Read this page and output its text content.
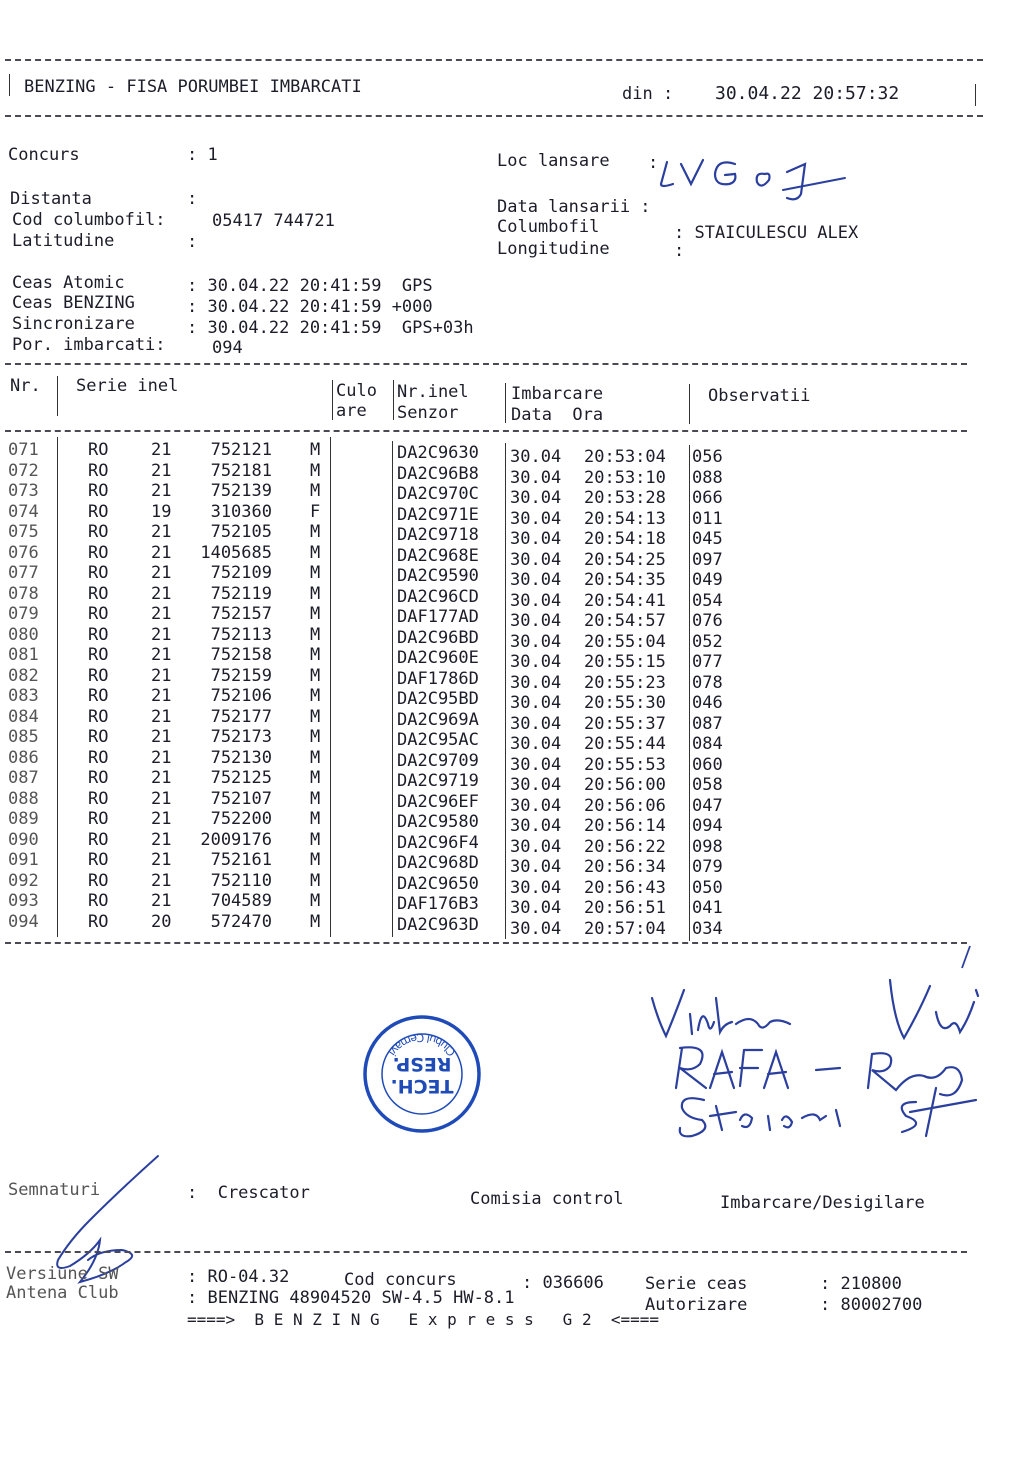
BENZING - FISA PORUMBEI IMBARCATI	din : 30.04.22 20:57:32
Concurs	: 1
Distanta	:
Cod columbofil:	05417 744721
Latitudine	:
Loc lansare :
Data lansarii :
Columbofil	: STAICULESCU ALEX
Longitudine	:
Ceas Atomic	: 30.04.22 20:41:59  GPS
Ceas BENZING	: 30.04.22 20:41:59 +000
Sincronizare	: 30.04.22 20:41:59  GPS+03h
Por. imbarcati:	094
Nr. Serie inel	Culo
are
Nr.inel
Senzor
Imbarcare
Data  Ora
Observatii
071	RO	21	752121 M	DA2C9630 30.04 20:53:04 056
072	RO	21	752181 M	DA2C96B8 30.04 20:53:10 088
073	RO	21	752139 M	DA2C970C 30.04 20:53:28 066
074	RO	19	310360 F	DA2C971E 30.04 20:54:13 011
075	RO	21	752105 M	DA2C9718 30.04 20:54:18 045
076	RO	21	1405685 M	DA2C968E 30.04 20:54:25 097
077	RO	21	752109 M	DA2C9590 30.04 20:54:35 049
078	RO	21	752119 M	DA2C96CD 30.04 20:54:41 054
079	RO	21	752157 M	DAF177AD 30.04 20:54:57 076
080	RO	21	752113 M	DA2C96BD 30.04 20:55:04 052
081	RO	21	752158 M	DA2C960E 30.04 20:55:15 077
082	RO	21	752159 M	DAF1786D 30.04 20:55:23 078
083	RO	21	752106 M	DA2C95BD 30.04 20:55:30 046
084	RO	21	752177 M	DA2C969A 30.04 20:55:37 087
085	RO	21	752173 M	DA2C95AC 30.04 20:55:44 084
086	RO	21	752130 M	DA2C9709 30.04 20:55:53 060
087	RO	21	752125 M	DA2C9719 30.04 20:56:00 058
088	RO	21	752107 M	DA2C96EF 30.04 20:56:06 047
089	RO	21	752200 M	DA2C9580 30.04 20:56:14 094
090	RO	21	2009176 M	DA2C96F4 30.04 20:56:22 098
091	RO	21	752161 M	DA2C968D 30.04 20:56:34 079
092	RO	21	752110 M	DA2C9650 30.04 20:56:43 050
093	RO	21	704589 M	DAF176B3 30.04 20:56:51 041
094	RO	20	572470 M	DA2C963D 30.04 20:57:04 034
RESP.
TECH.
Clubul Cernavi
Semnaturi	:  Crescator	Comisia control	Imbarcare/Desigilare
Versiune SW	: RO-04.32	Cod concurs	: 036606 Serie ceas	: 210800
Antena Club	: BENZING 48904520 SW-4.5 HW-8.1	Autorizare	: 80002700
====>  B E N Z I N G   E x p r e s s   G 2  <====
